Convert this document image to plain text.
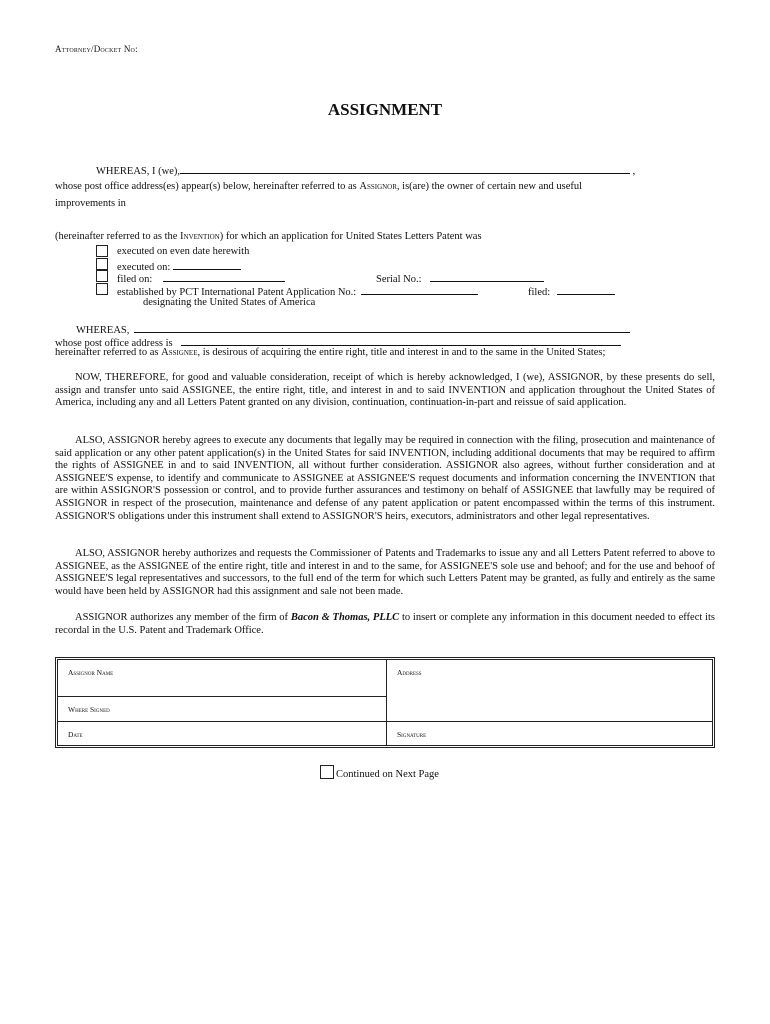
Attorney/Docket No:
ASSIGNMENT
WHEREAS, I (we),	,
whose post office address(es) appear(s) below, hereinafter referred to as Assignor, is(are) the owner of certain new and useful
improvements in
(hereinafter referred to as the Invention) for which an application for United States Letters Patent was
executed on even date herewith
executed on:
filed on:	Serial No.:
established by PCT International Patent Application No.:	filed:
designating the United States of America
WHEREAS,
whose post office address is
hereinafter referred to as Assignee, is desirous of acquiring the entire right, title and interest in and to the same in the United States;

NOW, THEREFORE, for good and valuable consideration, receipt of which is hereby acknowledged, I (we), ASSIGNOR, by these presents do sell, assign and transfer unto said ASSIGNEE, the entire right, title, and interest in and to said INVENTION and application throughout the United States of America, including any and all Letters Patent granted on any division, continuation, continuation-in-part and reissue of said application.

ALSO, ASSIGNOR hereby agrees to execute any documents that legally may be required in connection with the filing, prosecution and maintenance of said application or any other patent application(s) in the United States for said INVENTION, including additional documents that may be required to affirm the rights of ASSIGNEE in and to said INVENTION, all without further consideration. ASSIGNOR also agrees, without further consideration and at ASSIGNEE'S expense, to identify and communicate to ASSIGNEE at ASSIGNEE'S request documents and information concerning the INVENTION that are within ASSIGNOR'S possession or control, and to provide further assurances and testimony on behalf of ASSIGNEE that lawfully may be required of ASSIGNOR in respect of the prosecution, maintenance and defense of any patent application or patent encompassed within the terms of this instrument. ASSIGNOR'S obligations under this instrument shall extend to ASSIGNOR'S heirs, executors, administrators and other legal representatives.

ALSO, ASSIGNOR hereby authorizes and requests the Commissioner of Patents and Trademarks to issue any and all Letters Patent referred to above to ASSIGNEE, as the ASSIGNEE of the entire right, title and interest in and to the same, for ASSIGNEE'S sole use and behoof; and for the use and behoof of ASSIGNEE'S legal representatives and successors, to the full end of the term for which such Letters Patent may be granted, as fully and entirely as the same would have been held by ASSIGNOR had this assignment and sale not been made.

ASSIGNOR authorizes any member of the firm of Bacon & Thomas, PLLC to insert or complete any information in this document needed to effect its recordal in the U.S. Patent and Trademark Office.

Assignor Name	Address
Where Signed
Date	Signature
Continued on Next Page
